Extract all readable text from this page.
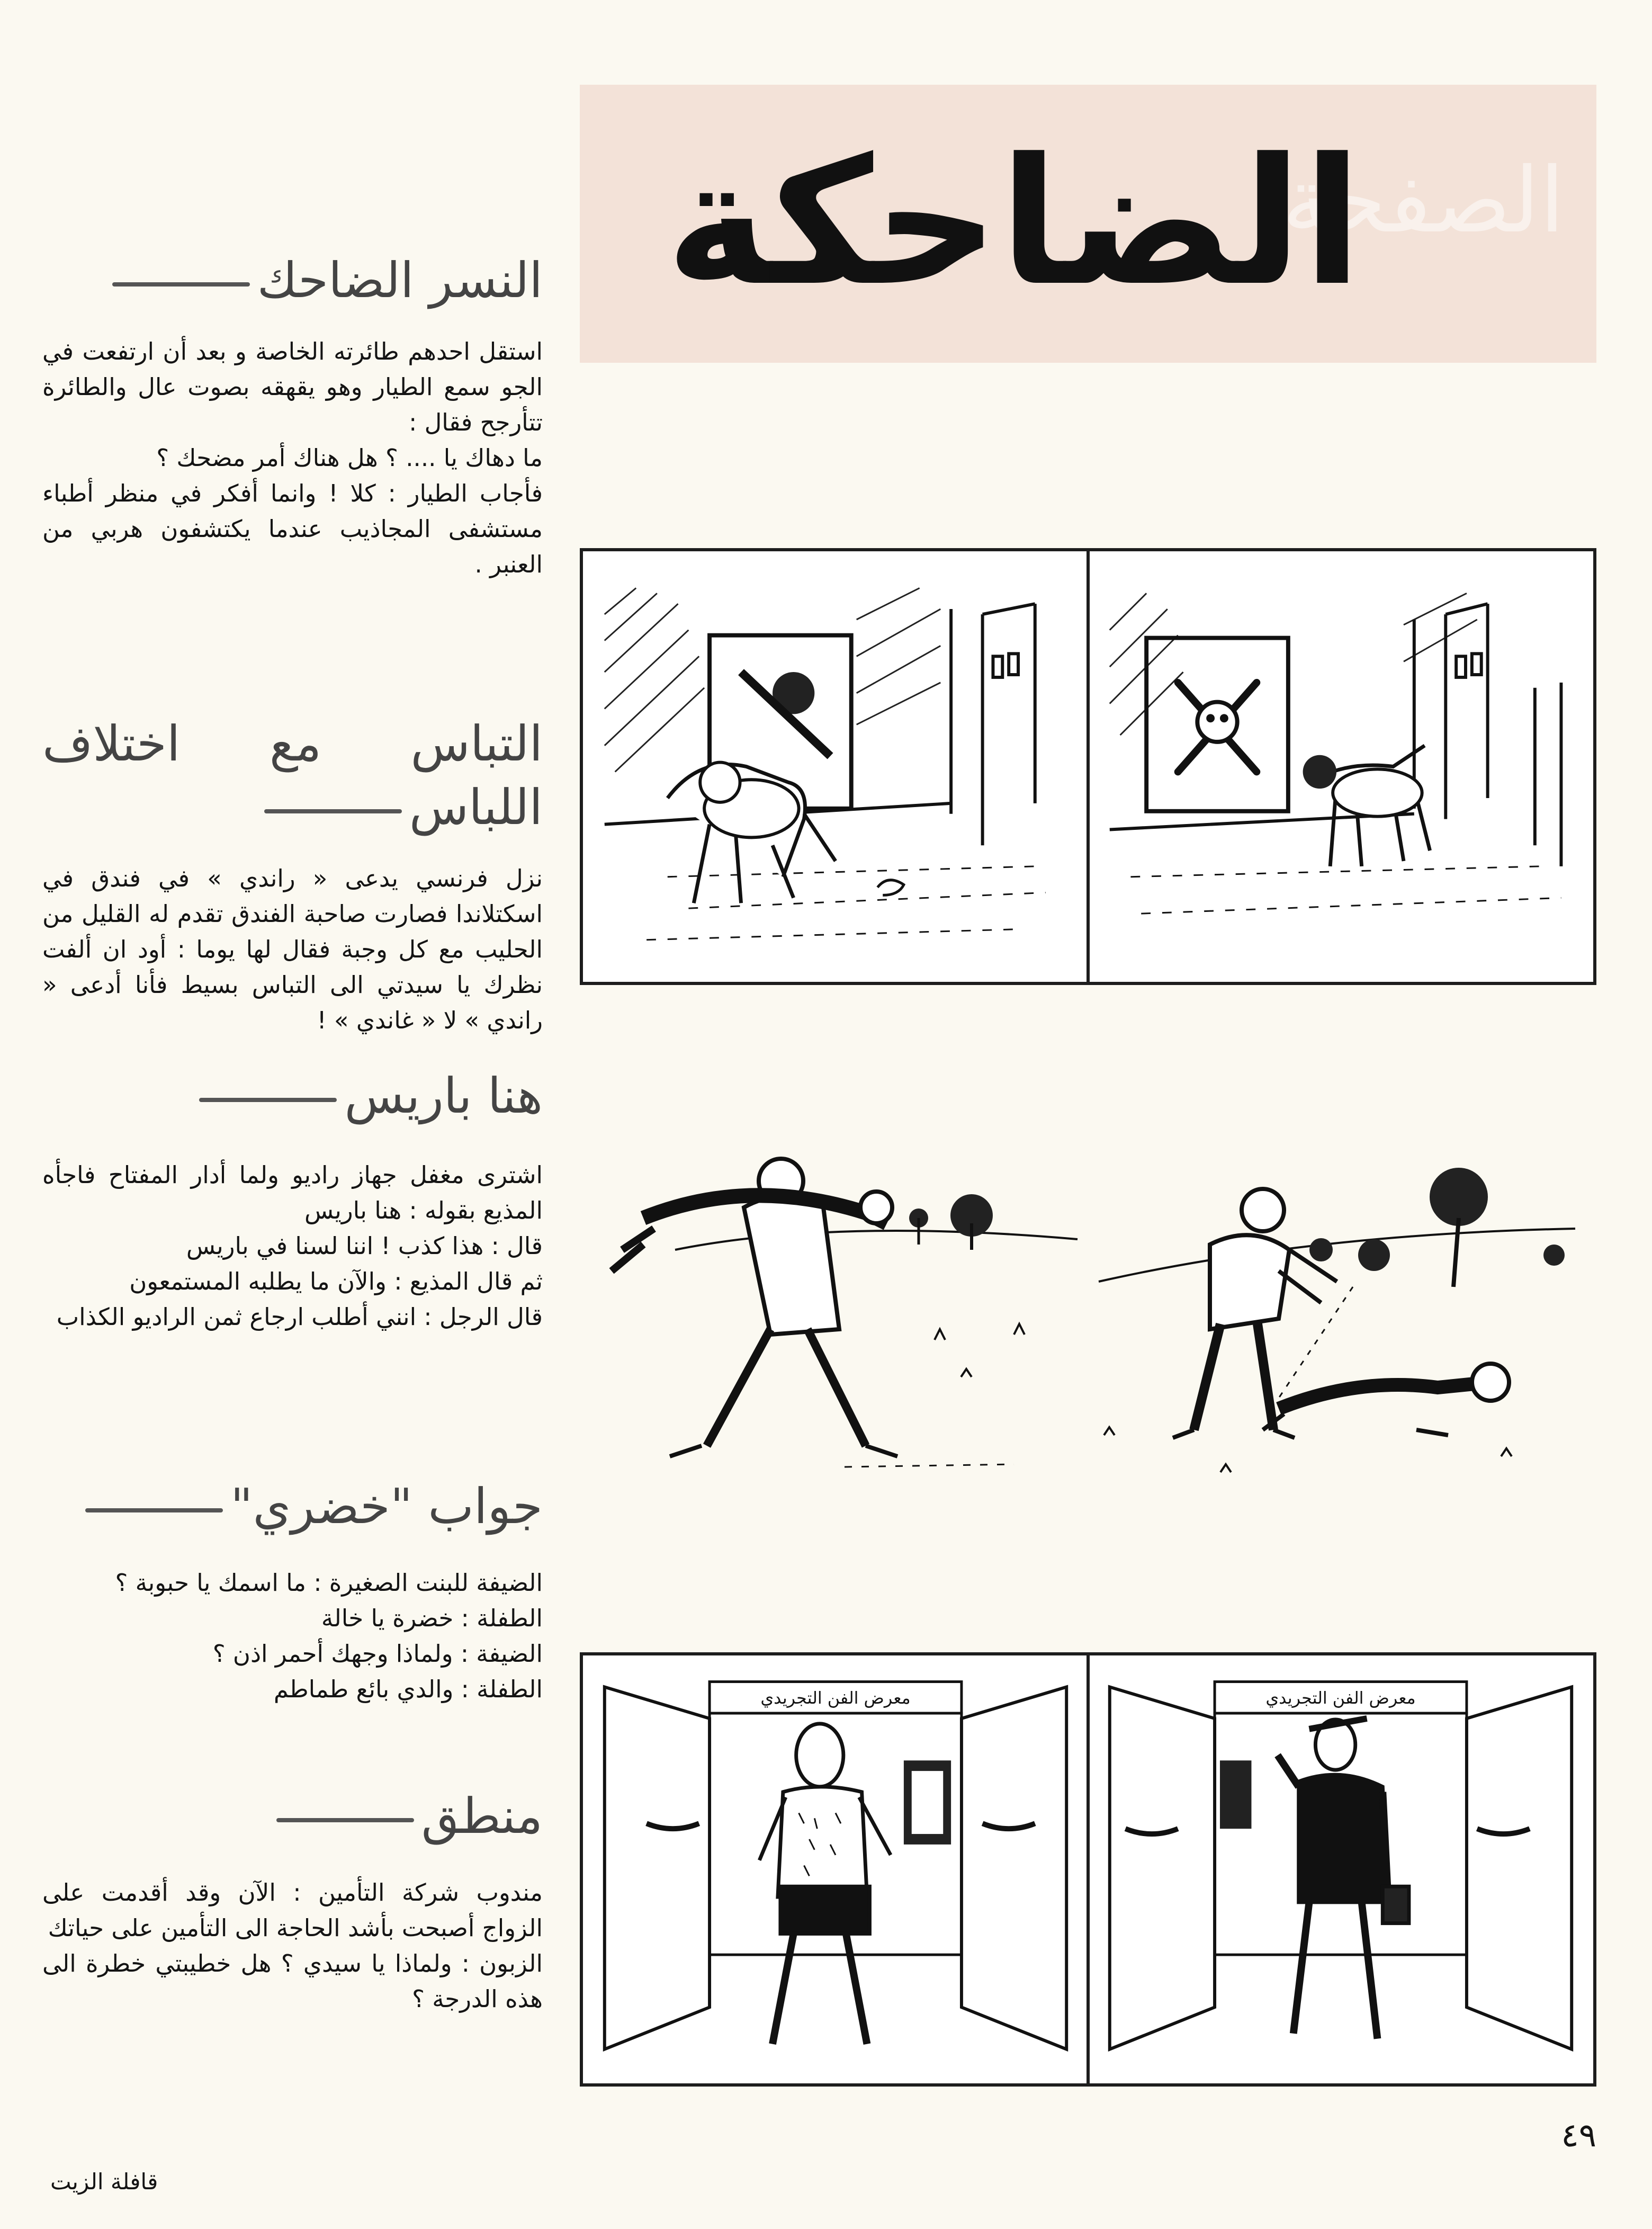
الصفحة
الضاحكة
النسر الضاحك

استقل احدهم طائرته الخاصة و بعد أن ارتفعت في الجو سمع الطيار وهو يقهقه بصوت عال والطائرة تتأرجح فقال :

ما دهاك يا .... ؟ هل هناك أمر مضحك ؟

فأجاب الطيار : كلا ! وانما أفكر في منظر أطباء مستشفى المجاذيب عندما يكتشفون هربي من العنبر .

التباس مع اختلاف اللباس

نزل فرنسي يدعى « راندي » في فندق في اسكتلاندا فصارت صاحبة الفندق تقدم له القليل من الحليب مع كل وجبة فقال لها يوما : أود ان ألفت نظرك يا سيدتي الى التباس بسيط فأنا أدعى « راندي » لا « غاندي » !

هنا باريس

اشترى مغفل جهاز راديو ولما أدار المفتاح فاجأه المذيع بقوله : هنا باريس

قال : هذا كذب ! اننا لسنا في باريس

ثم قال المذيع : والآن ما يطلبه المستمعون

قال الرجل : انني أطلب ارجاع ثمن الراديو الكذاب

جواب "خضري"

الضيفة للبنت الصغيرة : ما اسمك يا حبوبة ؟

الطفلة : خضرة يا خالة

الضيفة : ولماذا وجهك أحمر اذن ؟

الطفلة : والدي بائع طماطم

منطق

مندوب شركة التأمين : الآن وقد أقدمت على الزواج أصبحت بأشد الحاجة الى التأمين على حياتك

الزبون : ولماذا يا سيدي ؟ هل خطيبتي خطرة الى هذه الدرجة ؟

معرض الفن التجريدي	معرض الفن التجريدي
٤٩
قافلة الزيت
